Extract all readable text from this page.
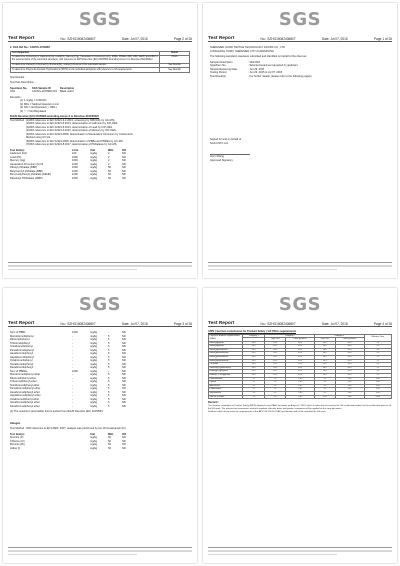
SGS
Test Report	No.: SZHG15082406807	Date: Jul 07, 2015	Page 2 of 26
2. SGS Ref No.: CANVS-1079960
Test Requested	Result
To determine Content(s) of Cadmium(Cd), Lead(Pb), Mercury(Hg), Hexavalent Chromium(Cr(VI)), PBBs, PBDEs, BBP, DBP, DEHP and DIBP in the selected parts of the submitted sample(s), with reference to RoHS Directive (EU) 2015/863 amending Annex II to Directive 2011/65/EU.	PASS
To determine Flame(R) Chlorine(Cl), Bromine(Br), Iodine(I) contents in the submitted sample.	See Results
To determine Polycyclic Aromatic Hydrocarbons (PAHs) in the submitted sample(s) with reference to GS requirements.	See Results
Test Results :
Test Part Description :
Specimen No.	SGS Sample ID	Description
SN1	CANVS-1079960.001	Black velcro
Remarks :
(1) 1 mg/kg = 0.0001%
(2) MDL = Method Detection Limit
(3) ND = Not Detected ( < MDL )
(4) "-" = Not Regulated
RoHS Directive (EU) 2015/863 amending Annex II to Directive 2011/65/EU
Test Method : (1)With reference to IEC 62321-3-1:2013, screening by XRF(CZL by GC-MS).
(2)With reference to IEC 62321-5:2013, determination of Cadmium by ICP-OES.
(3)With reference to IEC 62321-5:2013, determination of Lead by ICP-OES.
(4)With reference to IEC 62321-4:2013, determination of Mercury by ICP-OES.
(5)With reference to IEC 62321:2008, determination of Hexavalent Chromium by Colorimetric
Method using UV-Vis.
(6)With reference to IEC 62321:2008, determination of PBBs and PBDEs by GC-MS.
(7)With reference to IEC 62321-8:2017, determination of Phthalates by GC-MS.
Test Item(s)	Limit	Unit	MDL	001
Cadmium (Cd)	100	mg/kg	2	ND
Lead (Pb)	1000	mg/kg	2	ND
Mercury (Hg)	1000	mg/kg	2	ND
Hexavalent Chromium (CrVI)	1000	mg/kg	2	ND
Dibutyl phthalate (DBP)	1000	mg/kg	50	ND
Butyl benzyl phthalate (BBP)	1000	mg/kg	50	ND
Bis-(2-ethylhexyl) phthalate (DEHP)	1000	mg/kg	50	ND
Diisobutyl Phthalates (DIBP)	1000	mg/kg	50	ND
SGS
Test Report	No.: SZHG15082406807	Date: Jul 07, 2015	Page 1 of 26
SHENZHEN JIANXI TEXTILE TECHNOLOGY GOODS CO., LTD
LONGGANG TOWN, SHENZHEN CITY GUANGDONG
The following sample(s) was/were submitted and identified on behalf of the client as:
Sample Description	: VELCRO
Style/Item No.	: Selected tested as requested by applicant
Sample Receiving Date	: Jun 29, 2015
Testing Period	: Jun 29, 2015 to Jul 07, 2015
Test Result(s)	: For further details, please refer to the following page(s)
Signed for and on behalf of
SGS-CSTC Ltd.
Jerry Zhang
Approved Signatory
SGS
Test Report	No.: SZHG15082406807	Date: Jul 07, 2015	Page 3 of 26
Sum of PBBs	1000	mg/kg	-	ND
Monobromobiphenyl	-	mg/kg	5	ND
Dibromobiphenyl	-	mg/kg	5	ND
Tribromobiphenyl	-	mg/kg	5	ND
Tetrabromobiphenyl	-	mg/kg	5	ND
Pentabromobiphenyl	-	mg/kg	5	ND
Hexabromobiphenyl	-	mg/kg	5	ND
Heptabromobiphenyl	-	mg/kg	5	ND
Octabromobiphenyl	-	mg/kg	5	ND
Nonabromobiphenyl	-	mg/kg	5	ND
Decabromobiphenyl	-	mg/kg	5	ND
Sum of PBDEs	1000	mg/kg	-	ND
Monobromodiphenyl ether	-	mg/kg	5	ND
Dibromodiphenyl ether	-	mg/kg	5	ND
Tribromodiphenyl ether	-	mg/kg	5	ND
Tetrabromodiphenyl ether	-	mg/kg	5	ND
Pentabromodiphenyl ether	-	mg/kg	5	ND
Hexabromodiphenyl ether	-	mg/kg	5	ND
Heptabromodiphenyl ether	-	mg/kg	5	ND
Octabromodiphenyl ether	-	mg/kg	5	ND
Nonabromodiphenyl ether	-	mg/kg	5	ND
Decabromodiphenyl ether	-	mg/kg	5	ND
(1) The maximum permissible limit is quoted from RoHS Directive (EU) 2015/863.
Halogen
Test Method : With reference to EN 14582: 2007, analysis was performed by Ion Chromatograph (IC).
Test Item(s)	Unit	MDL	001
Fluorine (F)	mg/kg	50	ND
Chlorine (Cl)	mg/kg	50	ND
Bromine (Br)	mg/kg	50	ND
Iodine (I)	mg/kg	50	ND
SGS
Test Report	No.: SZHG15082406807	Date: Jul 07, 2015	Page 4 of 26
AfPS ( German commission for Product Safety ) GS PAHs requirements
Polycyclic Aromatic Hydrocarbons (PAHs)	Category 1	Category 2		Category 3		Effective Date
		Toys/TBG	Other products	Toys/TBG	Other products	
Benzo[a]pyrene	<0.2	<0.2	<0.5	<0.2	<0.5	<1
Benzo[e]pyrene	<0.2	<0.2	<0.5	<0.2	<0.5	<1
Benzo[a]anthracene	<0.2	<0.2	<0.5	<0.2	<0.5	<1
Benzo[b]fluoranthene	<0.2	<0.2	<0.5	<0.2	<0.5	<1
Benzo[j]fluoranthene	<0.2	<0.2	<0.5	<0.2	<0.5	<1
Benzo[k]fluoranthene	<0.2	<0.2	<0.5	<0.2	<0.5	<1
Chrysene	<0.2	<0.2	<0.5	<0.2	<0.5	<1
Dibenzo[a,h]anthracene	<0.2	<0.2	<0.5	<0.2	<0.5	<1
Benzo[g,h,i]perylene	<0.2	<0.2	<0.5	<0.2	<0.5	<1
Indeno[1,2,3-cd]pyrene	<0.2	<0.2	<0.5	<0.2	<0.5	<1
Phenanthrene	<1	<5	<10	<5	<20	<50
Pyrene	<1	<5	<10	<5	<20	<50
Anthracene	<1	<5	<10	<5	<20	<50
Fluoranthene	<1	<5	<10	<5	<20	<50
Naphthalene	<1	<2	<10	<2	<20	<50
Sum of 18 PAHs	<1	<5	<10	<20	<50	<200
Remark :
The German committee on Product Safety (AfPS) adopted a new PAHs document on August 4, 2014, which is taken into account by the GS certification bodies for the certification process of the GS mark. The relevant test parameters and test standard, effective dates and product categories will be applied on this new document.
Products which do not meet the requirements of the AfPS GS 2014:01 PAK specification will not be awarded the GS mark.
